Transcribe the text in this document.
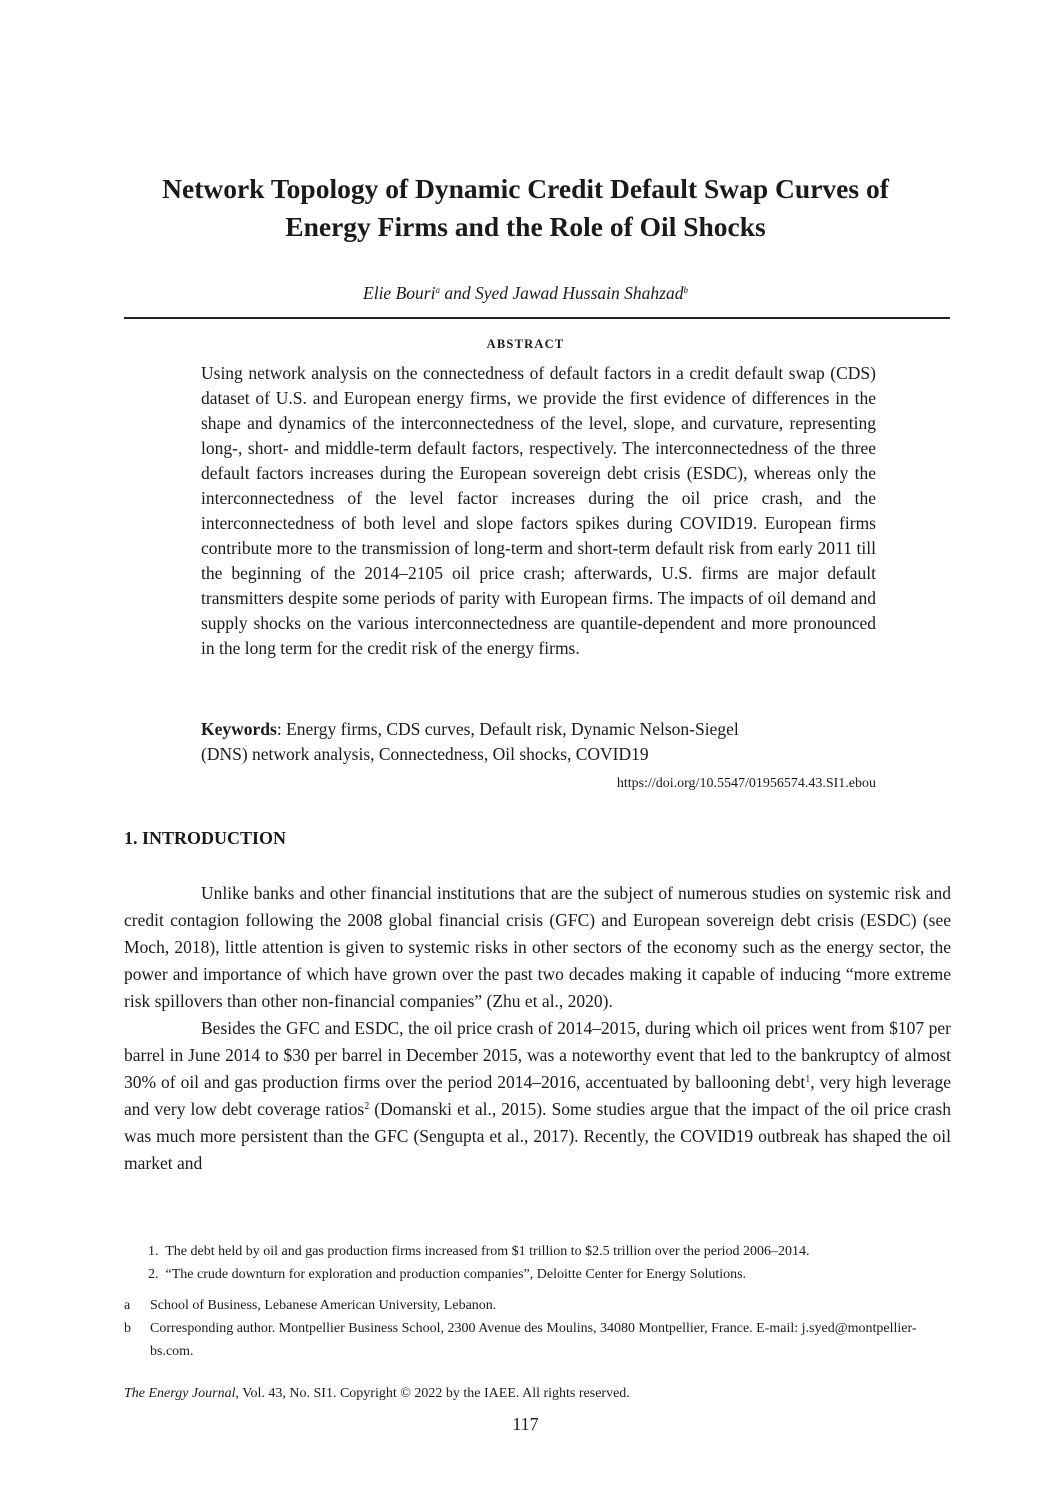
Network Topology of Dynamic Credit Default Swap Curves of
Energy Firms and the Role of Oil Shocks
Elie Bouri$^a$ and Syed Jawad Hussain Shahzad$^b$
ABSTRACT
Using network analysis on the connectedness of default factors in a credit default swap (CDS) dataset of U.S. and European energy firms, we provide the first evidence of differences in the shape and dynamics of the interconnectedness of the level, slope, and curvature, representing long-, short- and middle-term default factors, respectively. The interconnectedness of the three default factors increases during the European sovereign debt crisis (ESDC), whereas only the interconnectedness of the level factor increases during the oil price crash, and the interconnectedness of both level and slope factors spikes during COVID19. European firms contribute more to the transmission of long-term and short-term default risk from early 2011 till the beginning of the 2014–2105 oil price crash; afterwards, U.S. firms are major default transmitters despite some periods of parity with European firms. The impacts of oil demand and supply shocks on the various interconnectedness are quantile-dependent and more pronounced in the long term for the credit risk of the energy firms.
Keywords: Energy firms, CDS curves, Default risk, Dynamic Nelson-Siegel
(DNS) network analysis, Connectedness, Oil shocks, COVID19
https://doi.org/10.5547/01956574.43.SI1.ebou
1. INTRODUCTION

Unlike banks and other financial institutions that are the subject of numerous studies on systemic risk and credit contagion following the 2008 global financial crisis (GFC) and European sovereign debt crisis (ESDC) (see Moch, 2018), little attention is given to systemic risks in other sectors of the economy such as the energy sector, the power and importance of which have grown over the past two decades making it capable of inducing “more extreme risk spillovers than other non-financial companies” (Zhu et al., 2020).

Besides the GFC and ESDC, the oil price crash of 2014–2015, during which oil prices went from $107 per barrel in June 2014 to $30 per barrel in December 2015, was a noteworthy event that led to the bankruptcy of almost 30% of oil and gas production firms over the period 2014–2016, accentuated by ballooning debt$^1$, very high leverage and very low debt coverage ratios$^2$ (Domanski et al., 2015). Some studies argue that the impact of the oil price crash was much more persistent than the GFC (Sengupta et al., 2017). Recently, the COVID19 outbreak has shaped the oil market and

1.  The debt held by oil and gas production firms increased from $1 trillion to $2.5 trillion over the period 2006–2014.
2.  “The crude downturn for exploration and production companies”, Deloitte Center for Energy Solutions.
a	School of Business, Lebanese American University, Lebanon.
b	Corresponding author. Montpellier Business School, 2300 Avenue des Moulins, 34080 Montpellier, France. E-mail: j.syed@montpellier-bs.com.
The Energy Journal, Vol. 43, No. SI1. Copyright © 2022 by the IAEE. All rights reserved.
117
